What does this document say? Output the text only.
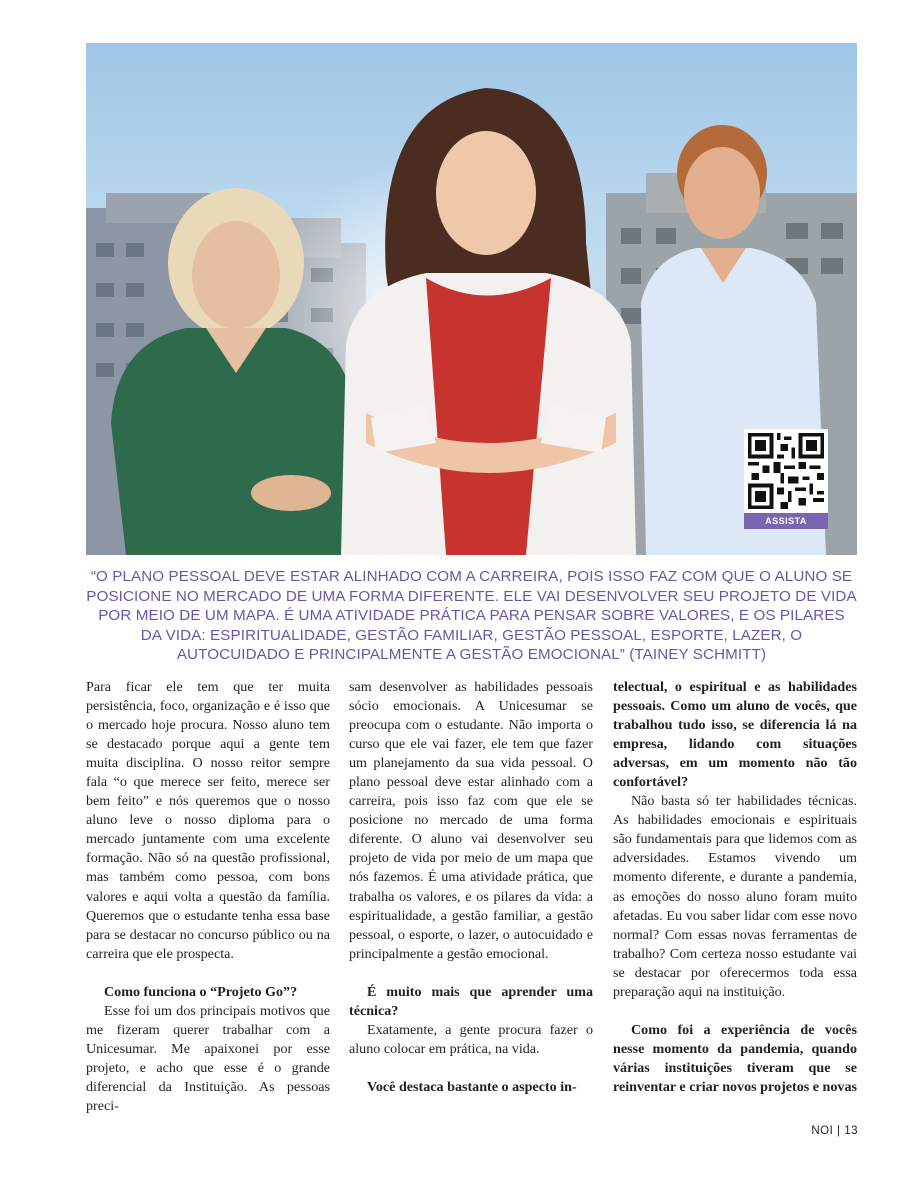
ASSISTA
“O PLANO PESSOAL DEVE ESTAR ALINHADO COM A CARREIRA, POIS ISSO FAZ COM QUE O ALUNO SE POSICIONE NO MERCADO DE UMA FORMA DIFERENTE. ELE VAI DESENVOLVER SEU PROJETO DE VIDA POR MEIO DE UM MAPA. É UMA ATIVIDADE PRÁTICA PARA PENSAR SOBRE VALORES, E OS PILARES DA VIDA: ESPIRITUALIDADE, GESTÃO FAMILIAR, GESTÃO PESSOAL, ESPORTE, LAZER, O AUTOCUIDADO E PRINCIPALMENTE A GESTÃO EMOCIONAL” (TAINEY SCHMITT)

Para ficar ele tem que ter muita persistência, foco, organização e é isso que o mercado hoje procura. Nosso aluno tem se destacado porque aqui a gente tem muita disciplina. O nosso reitor sempre fala “o que merece ser feito, merece ser bem feito” e nós queremos que o nosso aluno leve o nosso diploma para o mercado juntamente com uma excelente formação. Não só na questão profissional, mas também como pessoa, com bons valores e aqui volta a questão da família. Queremos que o estudante tenha essa base para se destacar no concurso público ou na carreira que ele prospecta.

Como funciona o “Projeto Go”?

Esse foi um dos principais motivos que me fizeram querer trabalhar com a Unicesumar. Me apaixonei por esse projeto, e acho que esse é o grande diferencial da Instituição. As pessoas preci-

sam desenvolver as habilidades pessoais sócio emocionais. A Unicesumar se preocupa com o estudante. Não importa o curso que ele vai fazer, ele tem que fazer um planejamento da sua vida pessoal. O plano pessoal deve estar alinhado com a carreira, pois isso faz com que ele se posicione no mercado de uma forma diferente. O aluno vai desenvolver seu projeto de vida por meio de um mapa que nós fazemos. É uma atividade prática, que trabalha os valores, e os pilares da vida: a espiritualidade, a gestão familiar, a gestão pessoal, o esporte, o lazer, o autocuidado e principalmente a gestão emocional.

É muito mais que aprender uma técnica?

Exatamente, a gente procura fazer o aluno colocar em prática, na vida.

Você destaca bastante o aspecto in-

telectual, o espiritual e as habilidades pessoais. Como um aluno de vocês, que trabalhou tudo isso, se diferencia lá na empresa, lidando com situações adversas, em um momento não tão confortável?

Não basta só ter habilidades técnicas. As habilidades emocionais e espirituais são fundamentais para que lidemos com as adversidades. Estamos vivendo um momento diferente, e durante a pandemia, as emoções do nosso aluno foram muito afetadas. Eu vou saber lidar com esse novo normal? Com essas novas ferramentas de trabalho? Com certeza nosso estudante vai se destacar por oferecermos toda essa preparação aqui na instituição.

Como foi a experiência de vocês nesse momento da pandemia, quando várias instituições tiveram que se reinventar e criar novos projetos e novas

NOI | 13
